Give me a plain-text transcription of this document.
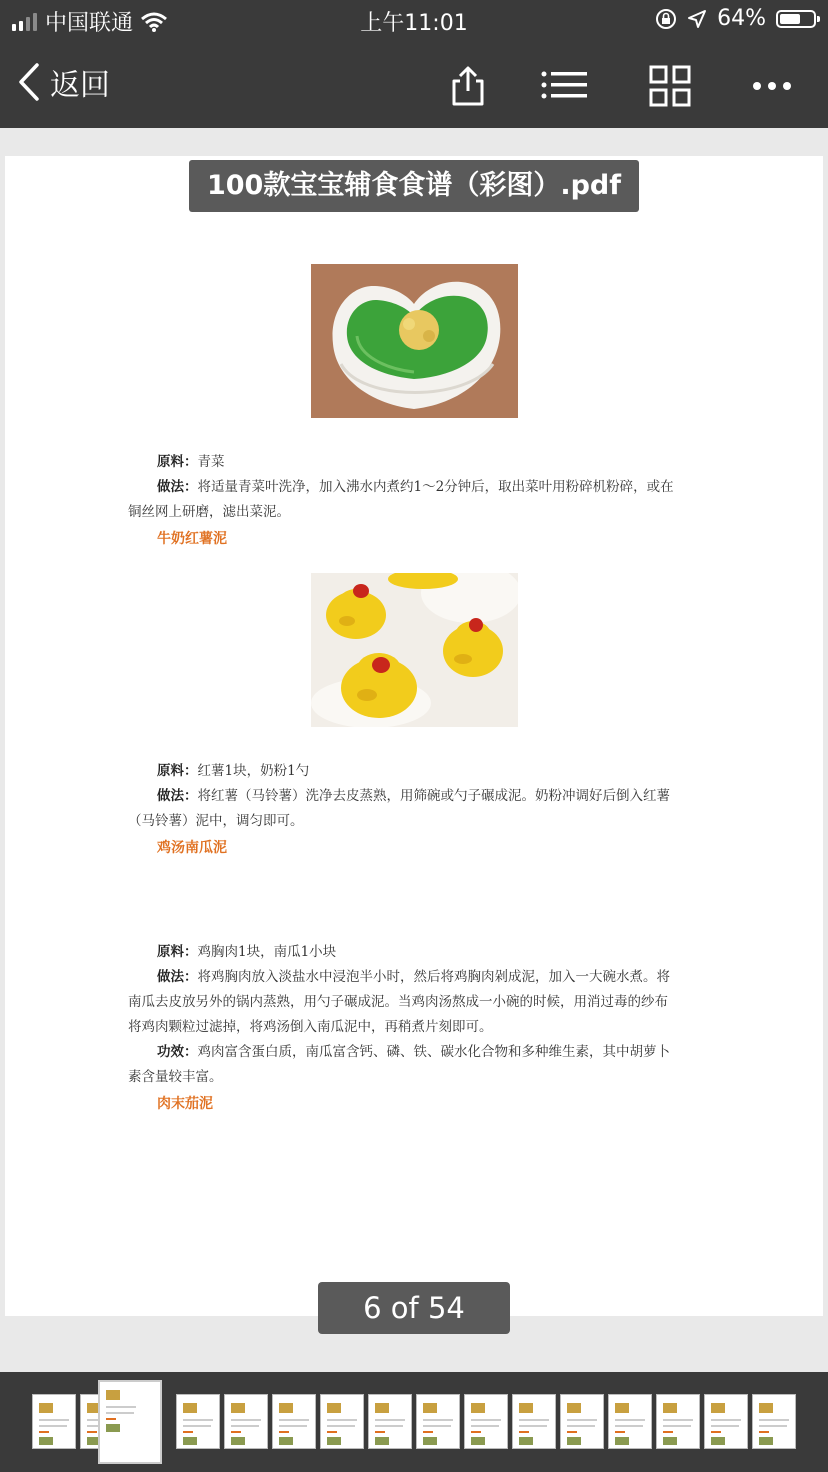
中国联通	上午11:01	64%
返回
100款宝宝辅食食谱（彩图）.pdf

原料：青菜

做法：将适量青菜叶洗净，加入沸水内煮约1～2分钟后，取出菜叶用粉碎机粉碎，或在

铜丝网上研磨，滤出菜泥。

牛奶红薯泥

原料：红薯1块，奶粉1勺

做法：将红薯（马铃薯）洗净去皮蒸熟，用筛碗或勺子碾成泥。奶粉冲调好后倒入红薯

（马铃薯）泥中，调匀即可。

鸡汤南瓜泥

原料：鸡胸肉1块，南瓜1小块

做法：将鸡胸肉放入淡盐水中浸泡半小时，然后将鸡胸肉剁成泥，加入一大碗水煮。将

南瓜去皮放另外的锅内蒸熟，用勺子碾成泥。当鸡肉汤熬成一小碗的时候，用消过毒的纱布

将鸡肉颗粒过滤掉，将鸡汤倒入南瓜泥中，再稍煮片刻即可。

功效：鸡肉富含蛋白质，南瓜富含钙、磷、铁、碳水化合物和多种维生素，其中胡萝卜

素含量较丰富。

肉末茄泥
6 of 54
